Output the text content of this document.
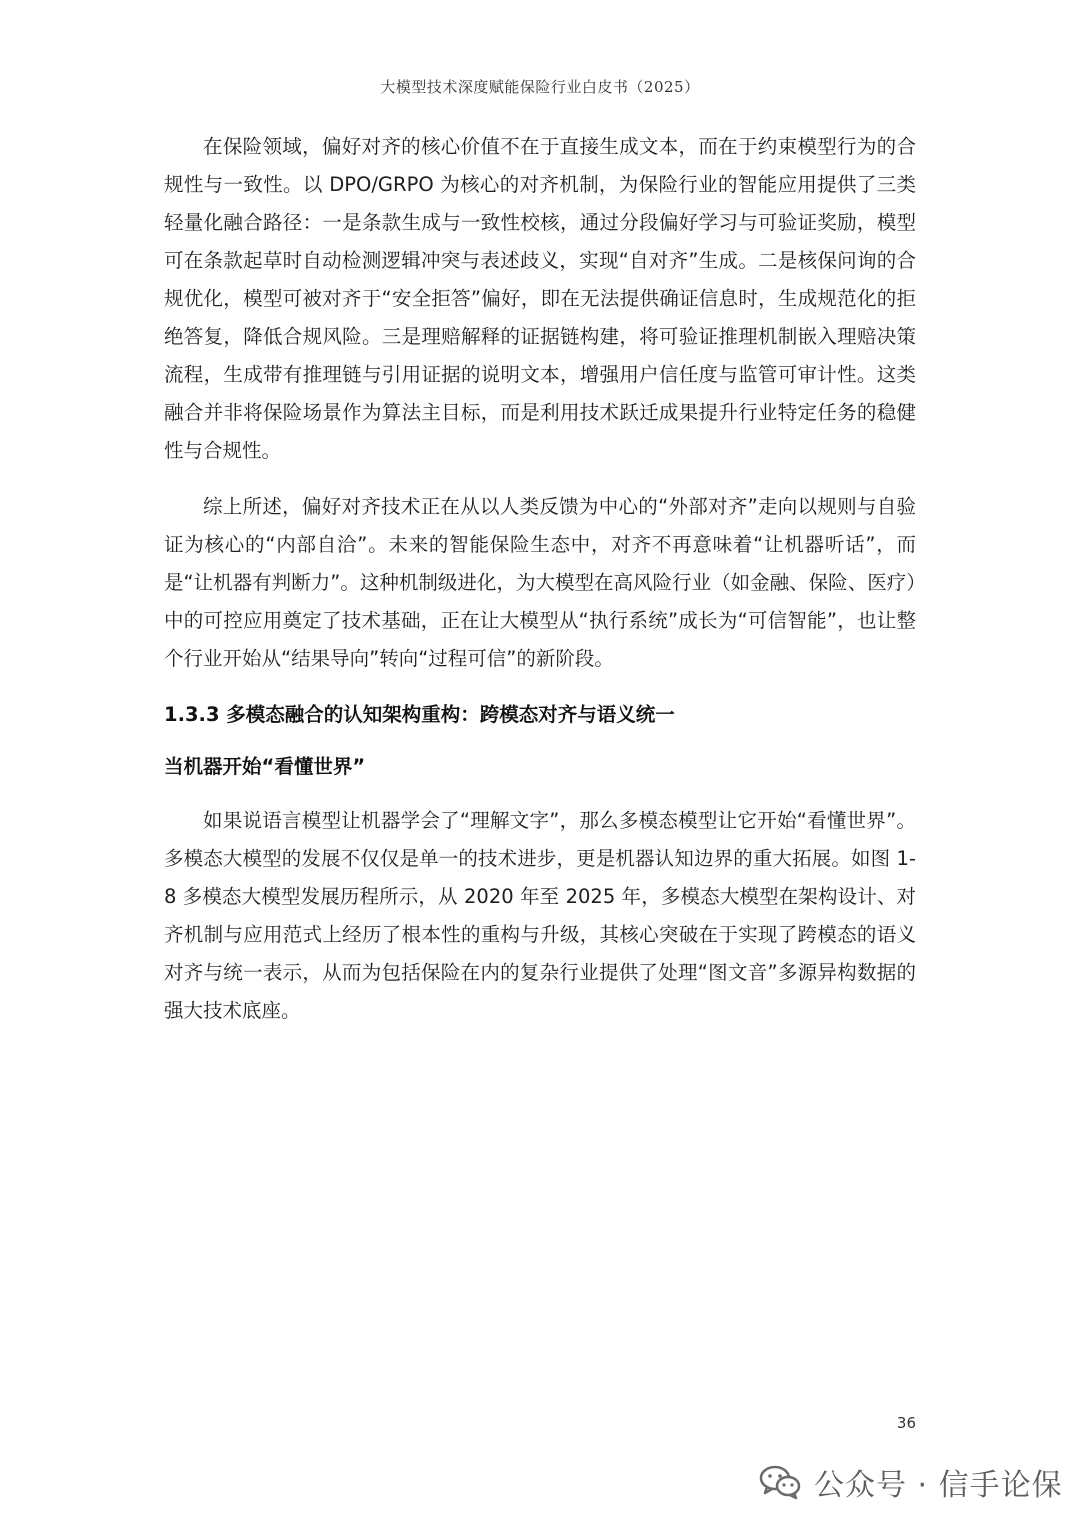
大模型技术深度赋能保险行业白皮书（2025）

在保险领域，偏好对齐的核心价值不在于直接生成文本，而在于约束模型行为的合规性与一致性。以 DPO/GRPO 为核心的对齐机制，为保险行业的智能应用提供了三类轻量化融合路径：一是条款生成与一致性校核，通过分段偏好学习与可验证奖励，模型可在条款起草时自动检测逻辑冲突与表述歧义，实现“自对齐”生成。二是核保问询的合规优化，模型可被对齐于“安全拒答”偏好，即在无法提供确证信息时，生成规范化的拒绝答复，降低合规风险。三是理赔解释的证据链构建，将可验证推理机制嵌入理赔决策流程，生成带有推理链与引用证据的说明文本，增强用户信任度与监管可审计性。这类融合并非将保险场景作为算法主目标，而是利用技术跃迁成果提升行业特定任务的稳健性与合规性。

综上所述，偏好对齐技术正在从以人类反馈为中心的“外部对齐”走向以规则与自验证为核心的“内部自洽”。未来的智能保险生态中，对齐不再意味着“让机器听话”，而是“让机器有判断力”。这种机制级进化，为大模型在高风险行业（如金融、保险、医疗）中的可控应用奠定了技术基础，正在让大模型从“执行系统”成长为“可信智能”，也让整个行业开始从“结果导向”转向“过程可信”的新阶段。

1.3.3 多模态融合的认知架构重构：跨模态对齐与语义统一
当机器开始“看懂世界”

如果说语言模型让机器学会了“理解文字”，那么多模态模型让它开始“看懂世界”。多模态大模型的发展不仅仅是单一的技术进步，更是机器认知边界的重大拓展。如图 1-8 多模态大模型发展历程所示，从 2020 年至 2025 年，多模态大模型在架构设计、对齐机制与应用范式上经历了根本性的重构与升级，其核心突破在于实现了跨模态的语义对齐与统一表示，从而为包括保险在内的复杂行业提供了处理“图文音”多源异构数据的强大技术底座。

36
公众号 · 信手论保
